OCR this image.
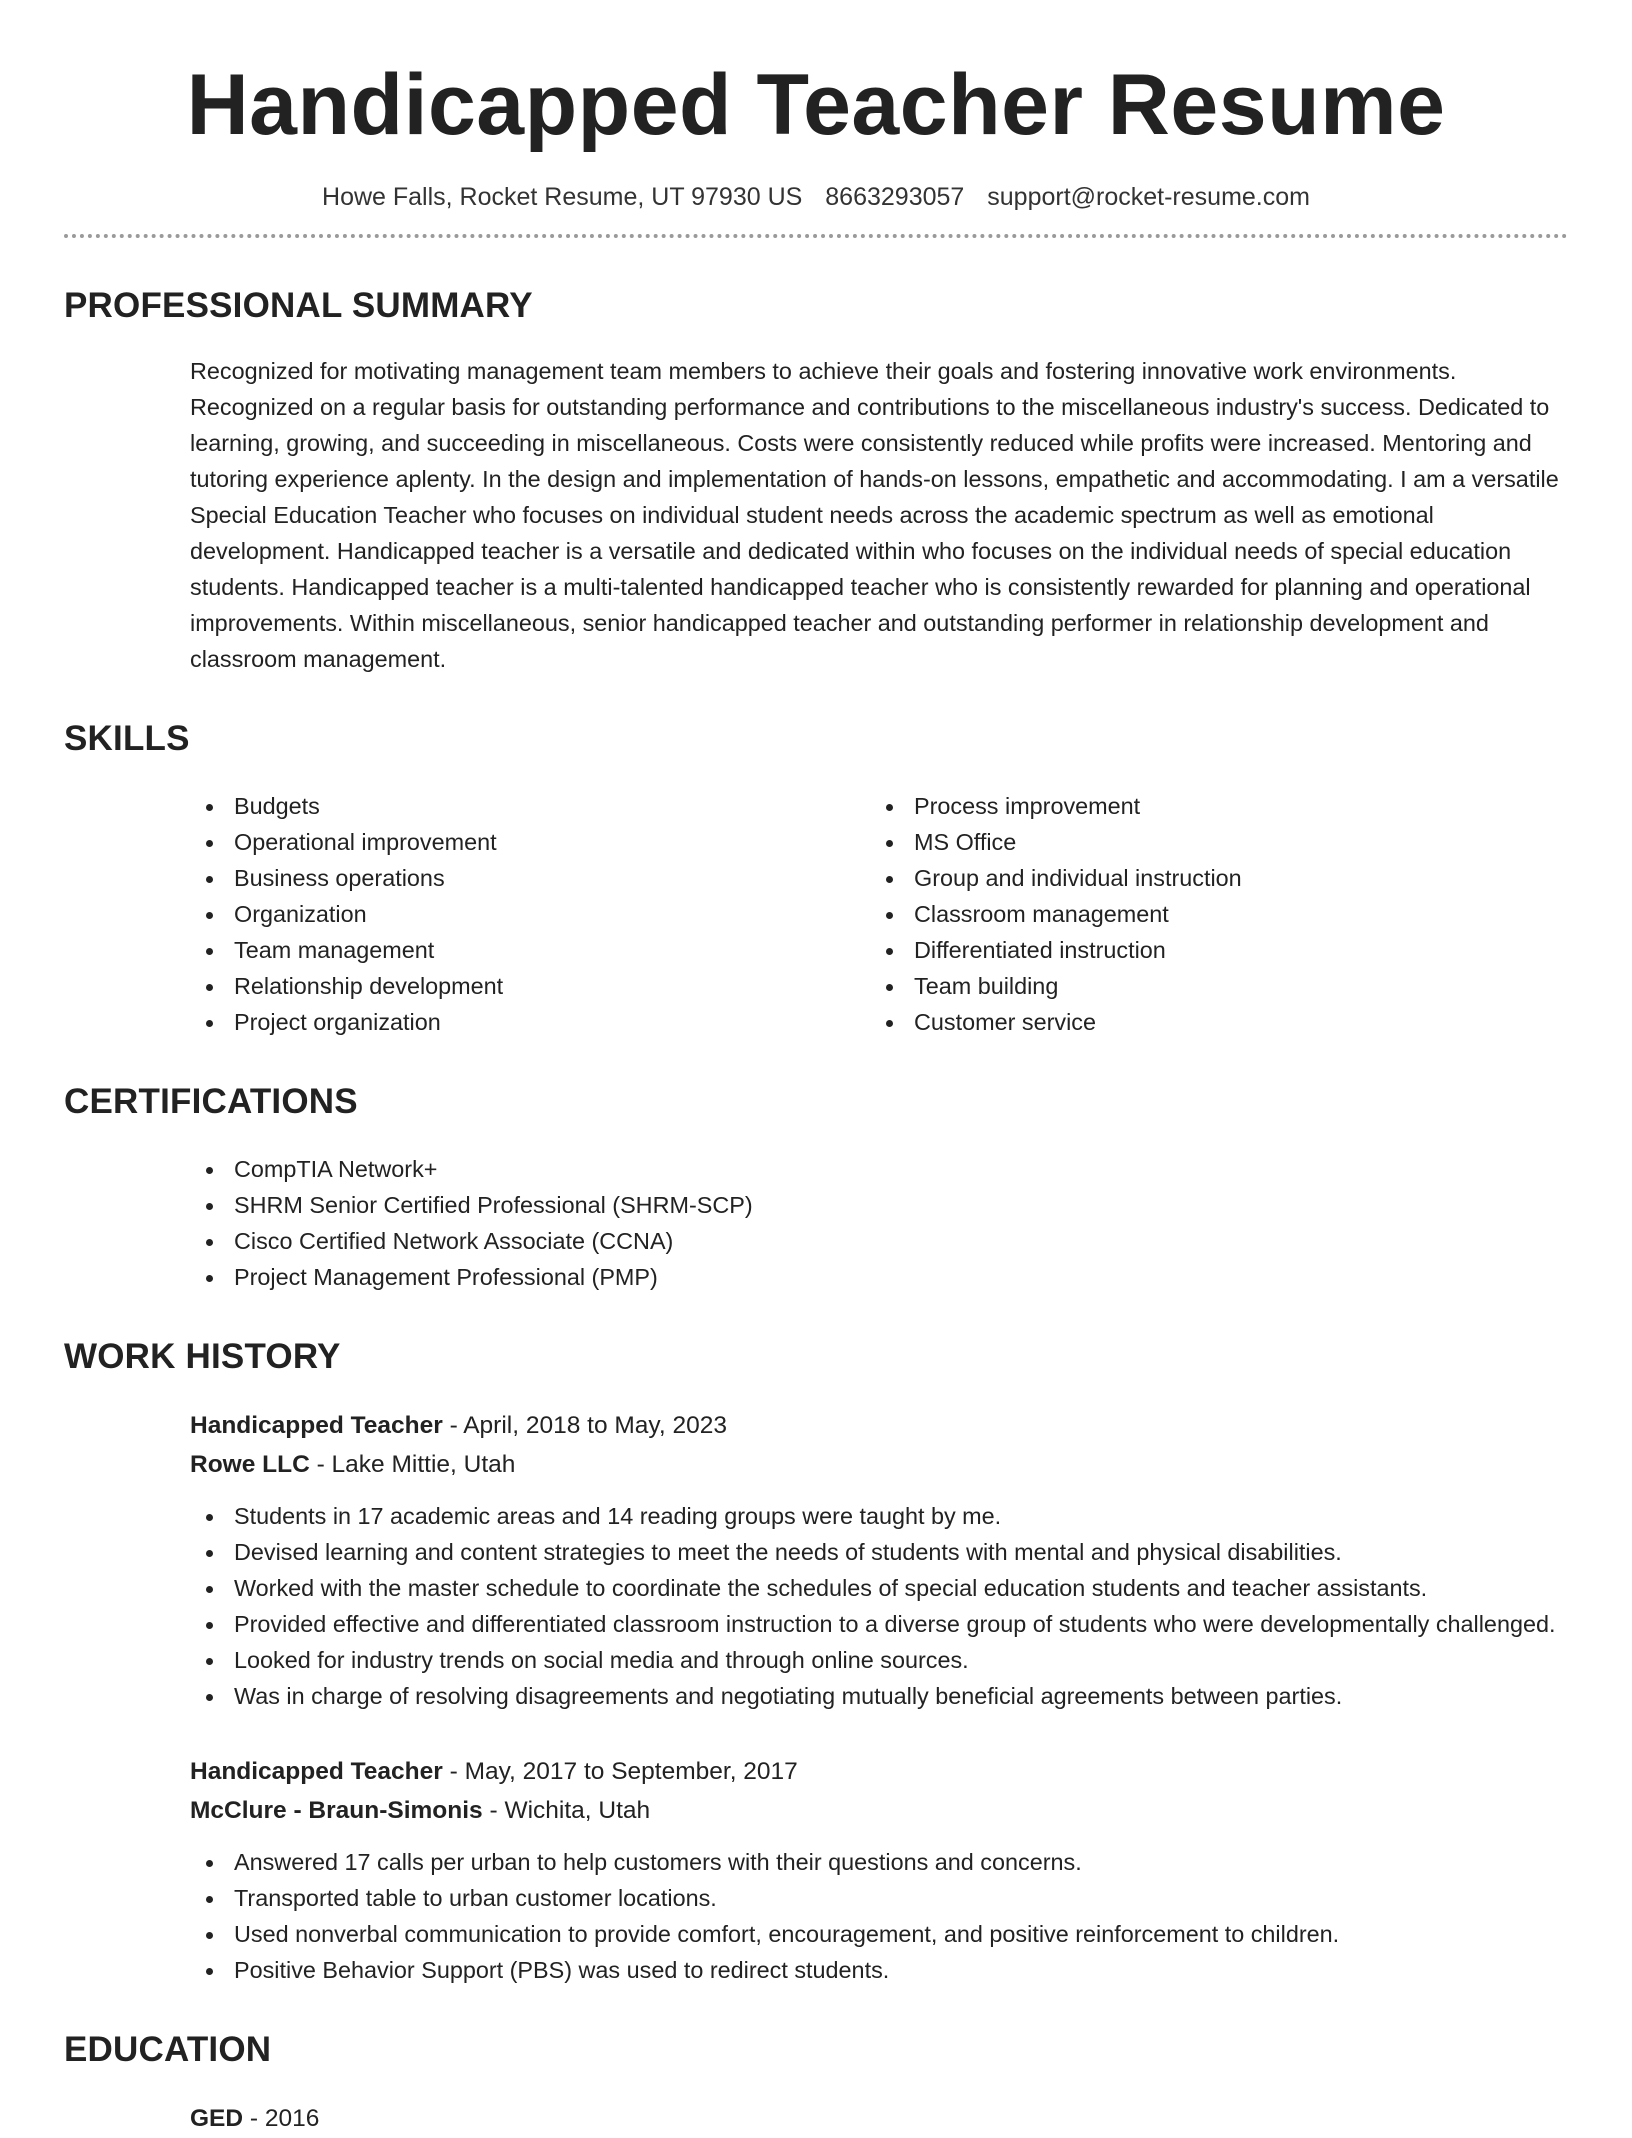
Handicapped Teacher Resume
Howe Falls, Rocket Resume, UT 97930 US 8663293057 support@rocket-resume.com
PROFESSIONAL SUMMARY

Recognized for motivating management team members to achieve their goals and fostering innovative work environments. Recognized on a regular basis for outstanding performance and contributions to the miscellaneous industry's success. Dedicated to learning, growing, and succeeding in miscellaneous. Costs were consistently reduced while profits were increased. Mentoring and tutoring experience aplenty. In the design and implementation of hands-on lessons, empathetic and accommodating. I am a versatile Special Education Teacher who focuses on individual student needs across the academic spectrum as well as emotional development. Handicapped teacher is a versatile and dedicated within who focuses on the individual needs of special education students. Handicapped teacher is a multi-talented handicapped teacher who is consistently rewarded for planning and operational improvements. Within miscellaneous, senior handicapped teacher and outstanding performer in relationship development and classroom management.

SKILLS
Budgets
Operational improvement
Business operations
Organization
Team management
Relationship development
Project organization
Process improvement
MS Office
Group and individual instruction
Classroom management
Differentiated instruction
Team building
Customer service
CERTIFICATIONS
CompTIA Network+
SHRM Senior Certified Professional (SHRM-SCP)
Cisco Certified Network Associate (CCNA)
Project Management Professional (PMP)
WORK HISTORY
Handicapped Teacher - April, 2018 to May, 2023
Rowe LLC - Lake Mittie, Utah
Students in 17 academic areas and 14 reading groups were taught by me.
Devised learning and content strategies to meet the needs of students with mental and physical disabilities.
Worked with the master schedule to coordinate the schedules of special education students and teacher assistants.
Provided effective and differentiated classroom instruction to a diverse group of students who were developmentally challenged.
Looked for industry trends on social media and through online sources.
Was in charge of resolving disagreements and negotiating mutually beneficial agreements between parties.
Handicapped Teacher - May, 2017 to September, 2017
McClure - Braun-Simonis - Wichita, Utah
Answered 17 calls per urban to help customers with their questions and concerns.
Transported table to urban customer locations.
Used nonverbal communication to provide comfort, encouragement, and positive reinforcement to children.
Positive Behavior Support (PBS) was used to redirect students.
EDUCATION
GED - 2016
